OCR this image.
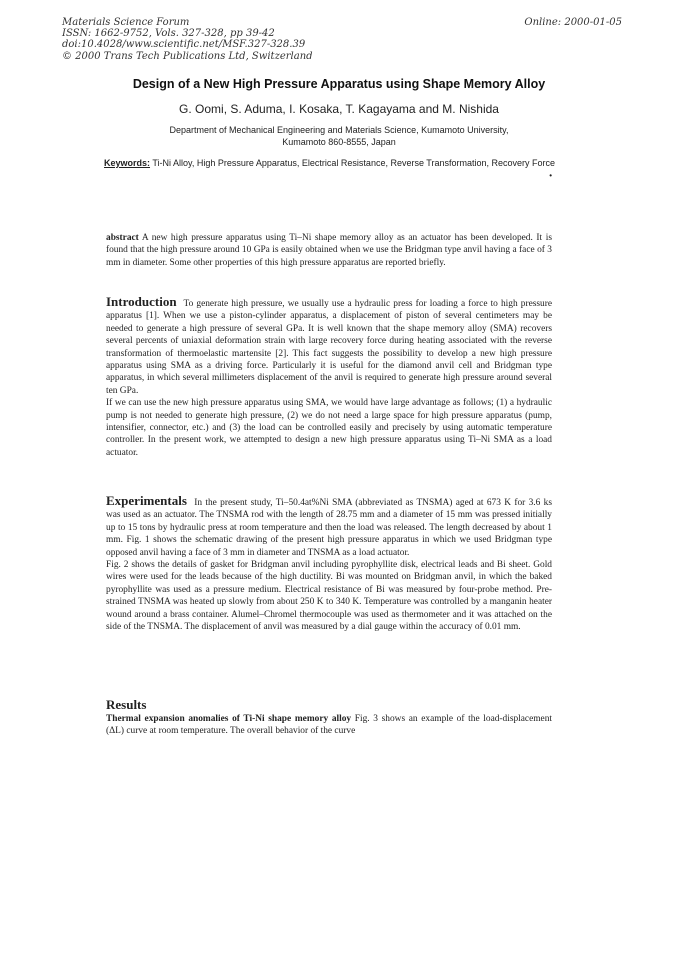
Materials Science Forum
ISSN: 1662-9752, Vols. 327-328, pp 39-42
doi:10.4028/www.scientific.net/MSF.327-328.39
© 2000 Trans Tech Publications Ltd, Switzerland
Online: 2000-01-05
Design of a New High Pressure Apparatus using Shape Memory Alloy
G. Oomi, S. Aduma, I. Kosaka, T. Kagayama and M. Nishida
Department of Mechanical Engineering and Materials Science, Kumamoto University,
Kumamoto 860-8555, Japan
Keywords: Ti-Ni Alloy, High Pressure Apparatus, Electrical Resistance, Reverse Transformation, Recovery Force
•

abstract A new high pressure apparatus using Ti–Ni shape memory alloy as an actuator has been developed. It is found that the high pressure around 10 GPa is easily obtained when we use the Bridgman type anvil having a face of 3 mm in diameter. Some other properties of this high pressure apparatus are reported briefly.

Introduction To generate high pressure, we usually use a hydraulic press for loading a force to high pressure apparatus [1]. When we use a piston-cylinder apparatus, a displacement of piston of several centimeters may be needed to generate a high pressure of several GPa. It is well known that the shape memory alloy (SMA) recovers several percents of uniaxial deformation strain with large recovery force during heating associated with the reverse transformation of thermoelastic martensite [2]. This fact suggests the possibility to develop a new high pressure apparatus using SMA as a driving force. Particularly it is useful for the diamond anvil cell and Bridgman type apparatus, in which several millimeters displacement of the anvil is required to generate high pressure around several ten GPa.

If we can use the new high pressure apparatus using SMA, we would have large advantage as follows; (1) a hydraulic pump is not needed to generate high pressure, (2) we do not need a large space for high pressure apparatus (pump, intensifier, connector, etc.) and (3) the load can be controlled easily and precisely by using automatic temperature controller. In the present work, we attempted to design a new high pressure apparatus using Ti–Ni SMA as a load actuator.

Experimentals In the present study, Ti–50.4at%Ni SMA (abbreviated as TNSMA) aged at 673 K for 3.6 ks was used as an actuator. The TNSMA rod with the length of 28.75 mm and a diameter of 15 mm was pressed initially up to 15 tons by hydraulic press at room temperature and then the load was released. The length decreased by about 1 mm. Fig. 1 shows the schematic drawing of the present high pressure apparatus in which we used Bridgman type opposed anvil having a face of 3 mm in diameter and TNSMA as a load actuator.

Fig. 2 shows the details of gasket for Bridgman anvil including pyrophyllite disk, electrical leads and Bi sheet. Gold wires were used for the leads because of the high ductility. Bi was mounted on Bridgman anvil, in which the baked pyrophyllite was used as a pressure medium. Electrical resistance of Bi was measured by four-probe method. Pre-strained TNSMA was heated up slowly from about 250 K to 340 K. Temperature was controlled by a manganin heater wound around a brass container. Alumel–Chromel thermocouple was used as thermometer and it was attached on the side of the TNSMA. The displacement of anvil was measured by a dial gauge within the accuracy of 0.01 mm.

Results

Thermal expansion anomalies of Ti-Ni shape memory alloy Fig. 3 shows an example of the load-displacement (ΔL) curve at room temperature. The overall behavior of the curve
